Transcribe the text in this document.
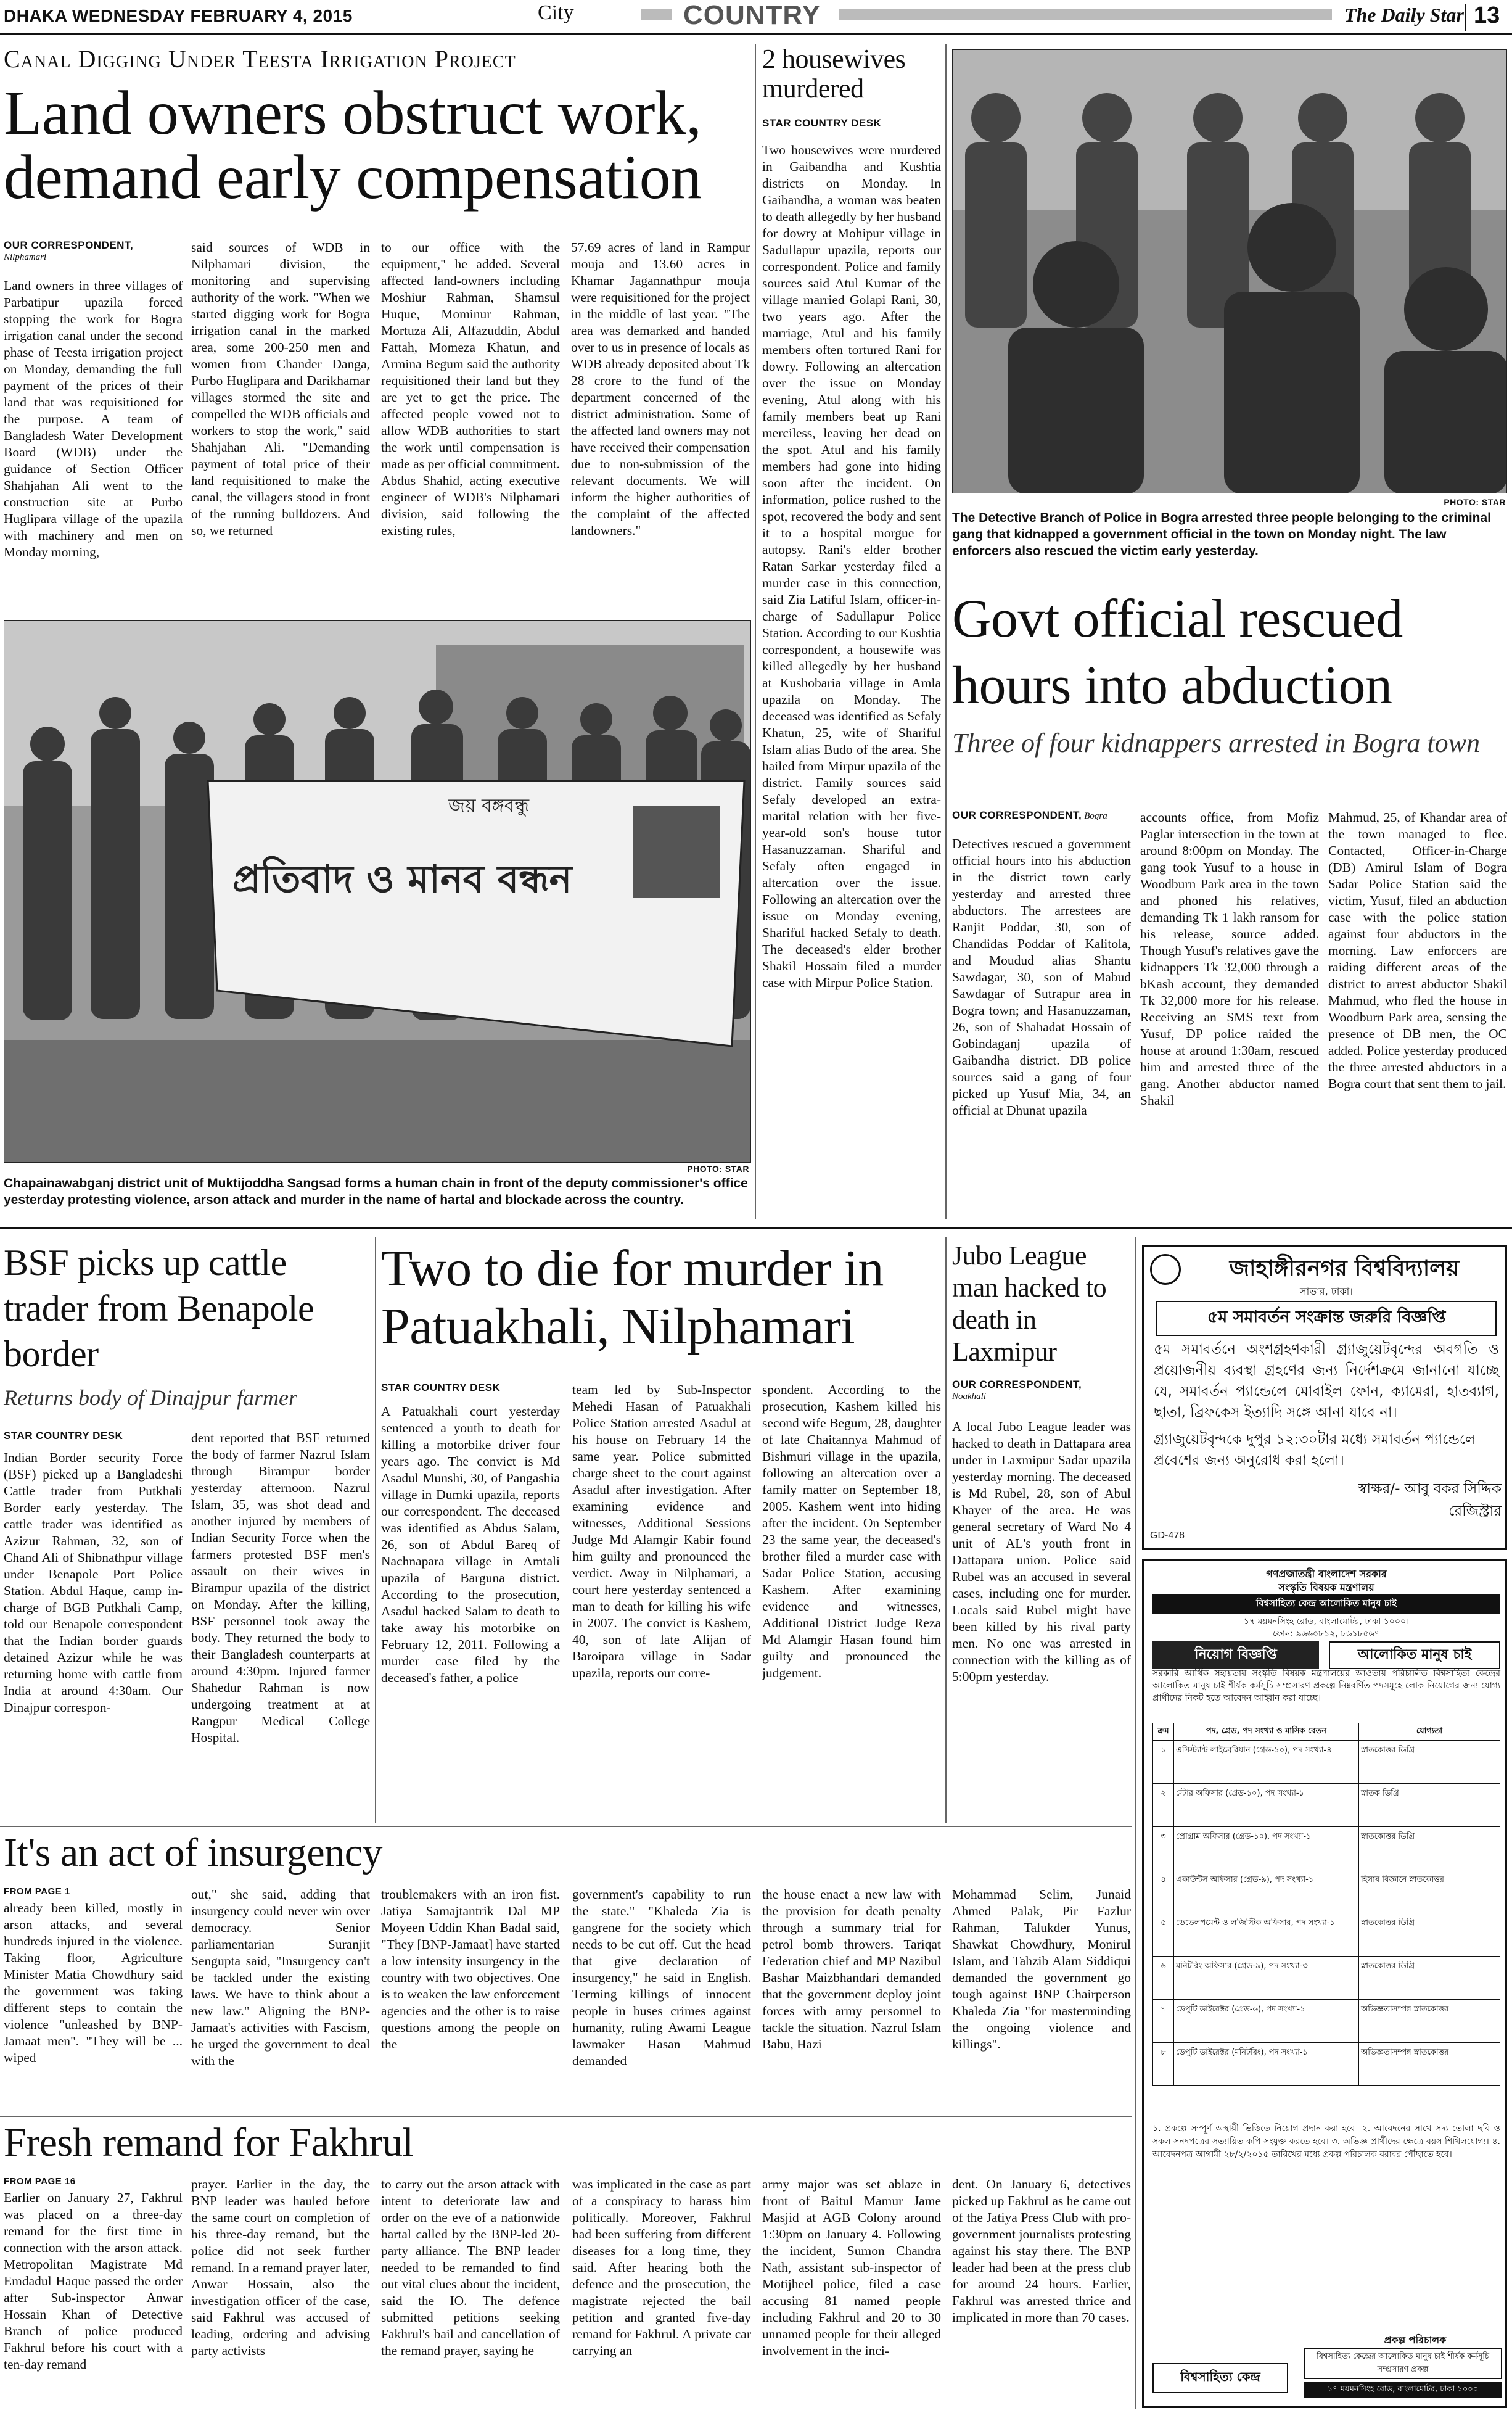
DHAKA WEDNESDAY FEBRUARY 4, 2015	City	COUNTRY	The Daily Star 13
Canal Digging Under Teesta Irrigation Project
Land owners obstruct work, demand early compensation
OUR CORRESPONDENT,
Nilphamari

Land owners in three villages of Parbatipur upazila forced stopping the work for Bogra irrigation canal under the second phase of Teesta irrigation project on Monday, demanding the full payment of the prices of their land that was requisitioned for the purpose. A team of Bangladesh Water Development Board (WDB) under the guidance of Section Officer Shahjahan Ali went to the construction site at Purbo Huglipara village of the upazila with machinery and men on Monday morning,

said sources of WDB in Nilphamari division, the monitoring and supervising authority of the work. "When we started digging work for Bogra irrigation canal in the marked area, some 200-250 men and women from Chander Danga, Purbo Huglipara and Darikhamar villages stormed the site and compelled the WDB officials and workers to stop the work," said Shahjahan Ali. "Demanding payment of total price of their land requisitioned to make the canal, the villagers stood in front of the running bulldozers. And so, we returned

to our office with the equipment," he added. Several affected land-owners including Moshiur Rahman, Shamsul Huque, Mominur Rahman, Mortuza Ali, Alfazuddin, Abdul Fattah, Momeza Khatun, and Armina Begum said the authority requisitioned their land but they are yet to get the price. The affected people vowed not to allow WDB authorities to start the work until compensation is made as per official commitment. Abdus Shahid, acting executive engineer of WDB's Nilphamari division, said following the existing rules,

57.69 acres of land in Rampur mouja and 13.60 acres in Khamar Jagannathpur mouja were requisitioned for the project in the middle of last year. "The area was demarked and handed over to us in presence of locals as WDB already deposited about Tk 28 crore to the fund of the department concerned of the district administration. Some of the affected land owners may not have received their compensation due to non-submission of the relevant documents. We will inform the higher authorities of the complaint of the affected landowners."

জয় বঙ্গবন্ধু
প্রতিবাদ ও মানব বন্ধন
PHOTO: STAR
Chapainawabganj district unit of Muktijoddha Sangsad forms a human chain in front of the deputy commissioner's office yesterday protesting violence, arson attack and murder in the name of hartal and blockade across the country.
2 housewives murdered
STAR COUNTRY DESK

Two housewives were murdered in Gaibandha and Kushtia districts on Monday. In Gaibandha, a woman was beaten to death allegedly by her husband for dowry at Mohipur village in Sadullapur upazila, reports our correspondent. Police and family sources said Atul Kumar of the village married Golapi Rani, 30, two years ago. After the marriage, Atul and his family members often tortured Rani for dowry. Following an altercation over the issue on Monday evening, Atul along with his family members beat up Rani merciless, leaving her dead on the spot. Atul and his family members had gone into hiding soon after the incident. On information, police rushed to the spot, recovered the body and sent it to a hospital morgue for autopsy. Rani's elder brother Ratan Sarkar yesterday filed a murder case in this connection, said Zia Latiful Islam, officer-in-charge of Sadullapur Police Station. According to our Kushtia correspondent, a housewife was killed allegedly by her husband at Kushobaria village in Amla upazila on Monday. The deceased was identified as Sefaly Khatun, 25, wife of Shariful Islam alias Budo of the area. She hailed from Mirpur upazila of the district. Family sources said Sefaly developed an extra-marital relation with her five-year-old son's house tutor Hasanuzzaman. Shariful and Sefaly often engaged in altercation over the issue. Following an altercation over the issue on Monday evening, Shariful hacked Sefaly to death. The deceased's elder brother Shakil Hossain filed a murder case with Mirpur Police Station.

PHOTO: STAR
The Detective Branch of Police in Bogra arrested three people belonging to the criminal gang that kidnapped a government official in the town on Monday night. The law enforcers also rescued the victim early yesterday.
Govt official rescued hours into abduction
Three of four kidnappers arrested in Bogra town
OUR CORRESPONDENT, Bogra

Detectives rescued a government official hours into his abduction in the district town early yesterday and arrested three abductors. The arrestees are Ranjit Poddar, 30, son of Chandidas Poddar of Kalitola, and Moudud alias Shantu Sawdagar, 30, son of Mabud Sawdagar of Sutrapur area in Bogra town; and Hasanuzzaman, 26, son of Shahadat Hossain of Gobindaganj upazila of Gaibandha district. DB police sources said a gang of four picked up Yusuf Mia, 34, an official at Dhunat upazila

accounts office, from Mofiz Paglar intersection in the town at around 8:00pm on Monday. The gang took Yusuf to a house in Woodburn Park area in the town and phoned his relatives, demanding Tk 1 lakh ransom for his release, source added. Though Yusuf's relatives gave the kidnappers Tk 32,000 through a bKash account, they demanded Tk 32,000 more for his release. Receiving an SMS text from Yusuf, DP police raided the house at around 1:30am, rescued him and arrested three of the gang. Another abductor named Shakil

Mahmud, 25, of Khandar area of the town managed to flee. Contacted, Officer-in-Charge (DB) Amirul Islam of Bogra Sadar Police Station said the victim, Yusuf, filed an abduction case with the police station against four abductors in the morning. Law enforcers are raiding different areas of the district to arrest abductor Shakil Mahmud, who fled the house in Woodburn Park area, sensing the presence of DB men, the OC added. Police yesterday produced the three arrested abductors in a Bogra court that sent them to jail.

BSF picks up cattle trader from Benapole border
Returns body of Dinajpur farmer
STAR COUNTRY DESK

Indian Border security Force (BSF) picked up a Bangladeshi Cattle trader from Putkhali Border early yesterday. The cattle trader was identified as Azizur Rahman, 32, son of Chand Ali of Shibnathpur village under Benapole Port Police Station. Abdul Haque, camp in-charge of BGB Putkhali Camp, told our Benapole correspondent that the Indian border guards detained Azizur while he was returning home with cattle from India at around 4:30am. Our Dinajpur correspon-

dent reported that BSF returned the body of farmer Nazrul Islam through Birampur border yesterday afternoon. Nazrul Islam, 35, was shot dead and another injured by members of Indian Security Force when the farmers protested BSF men's assault on their wives in Birampur upazila of the district on Monday. After the killing, BSF personnel took away the body. They returned the body to their Bangladesh counterparts at around 4:30pm. Injured farmer Shahedur Rahman is now undergoing treatment at at Rangpur Medical College Hospital.

Two to die for murder in Patuakhali, Nilphamari
STAR COUNTRY DESK

A Patuakhali court yesterday sentenced a youth to death for killing a motorbike driver four years ago. The convict is Md Asadul Munshi, 30, of Pangashia village in Dumki upazila, reports our correspondent. The deceased was identified as Abdus Salam, 26, son of Abdul Bareq of Nachnapara village in Amtali upazila of Barguna district. According to the prosecution, Asadul hacked Salam to death to take away his motorbike on February 12, 2011. Following a murder case filed by the deceased's father, a police

team led by Sub-Inspector Mehedi Hasan of Patuakhali Police Station arrested Asadul at his house on February 14 the same year. Police submitted charge sheet to the court against Asadul after investigation. After examining evidence and witnesses, Additional Sessions Judge Md Alamgir Kabir found him guilty and pronounced the verdict. Away in Nilphamari, a court here yesterday sentenced a man to death for killing his wife in 2007. The convict is Kashem, 40, son of late Alijan of Baroipara village in Sadar upazila, reports our corre-

spondent. According to the prosecution, Kashem killed his second wife Begum, 28, daughter of late Chaitannya Mahmud of Bishmuri village in the upazila, following an altercation over a family matter on September 18, 2005. Kashem went into hiding after the incident. On September 23 the same year, the deceased's brother filed a murder case with Sadar Police Station, accusing Kashem. After examining evidence and witnesses, Additional District Judge Reza Md Alamgir Hasan found him guilty and pronounced the judgement.

Jubo League man hacked to death in Laxmipur
OUR CORRESPONDENT,
Noakhali

A local Jubo League leader was hacked to death in Dattapara area under in Laxmipur Sadar upazila yesterday morning. The deceased is Md Rubel, 28, son of Abul Khayer of the area. He was general secretary of Ward No 4 unit of AL's youth front in Dattapara union. Police said Rubel was an accused in several cases, including one for murder. Locals said Rubel might have been killed by his rival party men. No one was arrested in connection with the killing as of 5:00pm yesterday.

জাহাঙ্গীরনগর বিশ্ববিদ্যালয়
সাভার, ঢাকা।
৫ম সমাবর্তন সংক্রান্ত জরুরি বিজ্ঞপ্তি
৫ম সমাবর্তনে অংশগ্রহণকারী গ্র্যাজুয়েটবৃন্দের অবগতি ও প্রয়োজনীয় ব্যবস্থা গ্রহণের জন্য নির্দেশক্রমে জানানো যাচ্ছে যে, সমাবর্তন প্যান্ডেলে মোবাইল ফোন, ক্যামেরা, হাতব্যাগ, ছাতা, ব্রিফকেস ইত্যাদি সঙ্গে আনা যাবে না।
গ্র্যাজুয়েটবৃন্দকে দুপুর ১২:৩০টার মধ্যে সমাবর্তন প্যান্ডেলে প্রবেশের জন্য অনুরোধ করা হলো।
স্বাক্ষর/- আবু বকর সিদ্দিক
রেজিস্ট্রার
GD-478
গণপ্রজাতন্ত্রী বাংলাদেশ সরকার
সংস্কৃতি বিষয়ক মন্ত্রণালয়
বিশ্বসাহিত্য কেন্দ্র আলোকিত মানুষ চাই
১৭ ময়মনসিংহ রোড, বাংলামোটর, ঢাকা ১০০০।
ফোন: ৯৬৬০৮১২, ৮৬১৮৫৬৭
নিয়োগ বিজ্ঞপ্তি	আলোকিত মানুষ চাই
সরকারি আর্থিক সহায়তায় সংস্কৃতি বিষয়ক মন্ত্রণালয়ের আওতায় পরিচালিত বিশ্বসাহিত্য কেন্দ্রের আলোকিত মানুষ চাই শীর্ষক কর্মসূচি সম্প্রসারণ প্রকল্পে নিম্নবর্ণিত পদসমূহে লোক নিয়োগের জন্য যোগ্য প্রার্থীদের নিকট হতে আবেদন আহ্বান করা যাচ্ছে।
ক্রম	পদ, গ্রেড, পদ সংখ্যা ও মাসিক বেতন	যোগ্যতা
১	এসিস্ট্যান্ট লাইব্রেরিয়ান (গ্রেড-১০), পদ সংখ্যা-৪	স্নাতকোত্তর ডিগ্রি
২	স্টোর অফিসার (গ্রেড-১০), পদ সংখ্যা-১	স্নাতক ডিগ্রি
৩	প্রোগ্রাম অফিসার (গ্রেড-১০), পদ সংখ্যা-১	স্নাতকোত্তর ডিগ্রি
৪	একাউন্টস অফিসার (গ্রেড-৯), পদ সংখ্যা-১	হিসাব বিজ্ঞানে স্নাতকোত্তর
৫	ডেভেলপমেন্ট ও লজিস্টিক অফিসার, পদ সংখ্যা-১	স্নাতকোত্তর ডিগ্রি
৬	মনিটরিং অফিসার (গ্রেড-৯), পদ সংখ্যা-৩	স্নাতকোত্তর ডিগ্রি
৭	ডেপুটি ডাইরেক্টর (গ্রেড-৬), পদ সংখ্যা-১	অভিজ্ঞতাসম্পন্ন স্নাতকোত্তর
৮	ডেপুটি ডাইরেক্টর (মনিটরিং), পদ সংখ্যা-১	অভিজ্ঞতাসম্পন্ন স্নাতকোত্তর
১. প্রকল্পে সম্পূর্ণ অস্থায়ী ভিত্তিতে নিয়োগ প্রদান করা হবে। ২. আবেদনের সাথে সদ্য তোলা ছবি ও সকল সনদপত্রের সত্যায়িত কপি সংযুক্ত করতে হবে। ৩. অভিজ্ঞ প্রার্থীদের ক্ষেত্রে বয়স শিথিলযোগ্য। ৪. আবেদনপত্র আগামী ২৮/২/২০১৫ তারিখের মধ্যে প্রকল্প পরিচালক বরাবর পৌঁছাতে হবে।
প্রকল্প পরিচালক
বিশ্বসাহিত্য কেন্দ্রের আলোকিত মানুষ চাই শীর্ষক কর্মসূচি সম্প্রসারণ প্রকল্প
১৭ ময়মনসিংহ রোড, বাংলামোটর, ঢাকা ১০০০
বিশ্বসাহিত্য কেন্দ্র
It's an act of insurgency
FROM PAGE 1

already been killed, mostly in arson attacks, and several hundreds injured in the violence. Taking floor, Agriculture Minister Matia Chowdhury said the government was taking different steps to contain the violence "unleashed by BNP-Jamaat men". "They will be ... wiped

out," she said, adding that insurgency could never win over democracy. Senior parliamentarian Suranjit Sengupta said, "Insurgency can't be tackled under the existing laws. We have to think about a new law." Aligning the BNP-Jamaat's activities with Fascism, he urged the government to deal with the

troublemakers with an iron fist. Jatiya Samajtantrik Dal MP Moyeen Uddin Khan Badal said, "They [BNP-Jamaat] have started a low intensity insurgency in the country with two objectives. One is to weaken the law enforcement agencies and the other is to raise questions among the people on the

government's capability to run the state." "Khaleda Zia is gangrene for the society which needs to be cut off. Cut the head that give declaration of insurgency," he said in English. Terming killings of innocent people in buses crimes against humanity, ruling Awami League lawmaker Hasan Mahmud demanded

the house enact a new law with the provision for death penalty through a summary trial for petrol bomb throwers. Tariqat Federation chief and MP Nazibul Bashar Maizbhandari demanded that the government deploy joint forces with army personnel to tackle the situation. Nazrul Islam Babu, Hazi

Mohammad Selim, Junaid Ahmed Palak, Pir Fazlur Rahman, Talukder Yunus, Shawkat Chowdhury, Monirul Islam, and Tahzib Alam Siddiqui demanded the government go tough against BNP Chairperson Khaleda Zia "for masterminding the ongoing violence and killings".

Fresh remand for Fakhrul
FROM PAGE 16

Earlier on January 27, Fakhrul was placed on a three-day remand for the first time in connection with the arson attack. Metropolitan Magistrate Md Emdadul Haque passed the order after Sub-inspector Anwar Hossain Khan of Detective Branch of police produced Fakhrul before his court with a ten-day remand

prayer. Earlier in the day, the BNP leader was hauled before the same court on completion of his three-day remand, but the police did not seek further remand. In a remand prayer later, Anwar Hossain, also the investigation officer of the case, said Fakhrul was accused of leading, ordering and advising party activists

to carry out the arson attack with intent to deteriorate law and order on the eve of a nationwide hartal called by the BNP-led 20-party alliance. The BNP leader needed to be remanded to find out vital clues about the incident, said the IO. The defence submitted petitions seeking Fakhrul's bail and cancellation of the remand prayer, saying he

was implicated in the case as part of a conspiracy to harass him politically. Moreover, Fakhrul had been suffering from different diseases for a long time, they said. After hearing both the defence and the prosecution, the magistrate rejected the bail petition and granted five-day remand for Fakhrul. A private car carrying an

army major was set ablaze in front of Baitul Mamur Jame Masjid at AGB Colony around 1:30pm on January 4. Following the incident, Sumon Chandra Nath, assistant sub-inspector of Motijheel police, filed a case accusing 81 named people including Fakhrul and 20 to 30 unnamed people for their alleged involvement in the inci-

dent. On January 6, detectives picked up Fakhrul as he came out of the Jatiya Press Club with pro-government journalists protesting against his stay there. The BNP leader had been at the press club for around 24 hours. Earlier, Fakhrul was arrested thrice and implicated in more than 70 cases.
